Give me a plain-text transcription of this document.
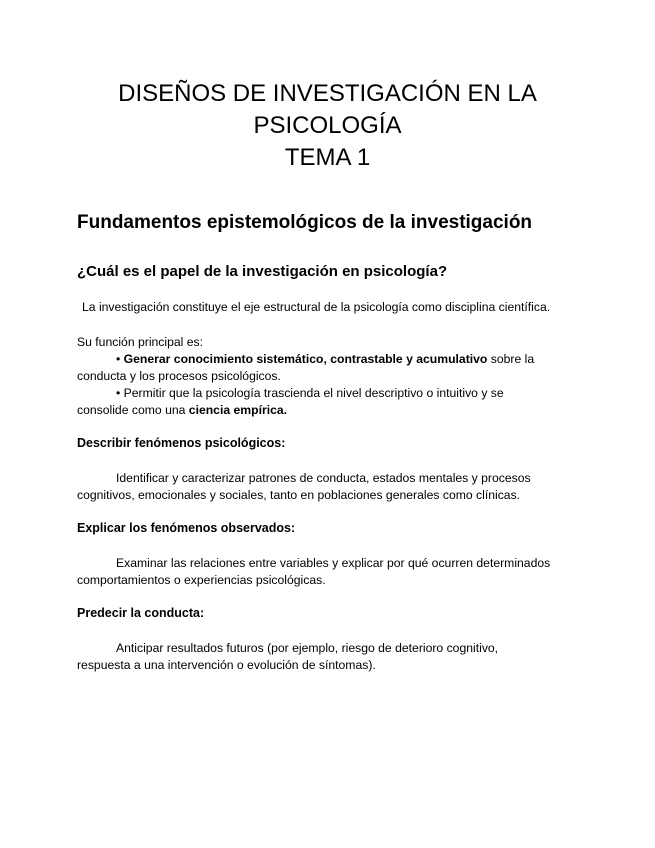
DISEÑOS DE INVESTIGACIÓN EN LA
PSICOLOGÍA
TEMA 1
Fundamentos epistemológicos de la investigación
¿Cuál es el papel de la investigación en psicología?

La investigación constituye el eje estructural de la psicología como disciplina científica.

Su función principal es:

• Generar conocimiento sistemático, contrastable y acumulativo sobre la conducta y los procesos psicológicos.

• Permitir que la psicología trascienda el nivel descriptivo o intuitivo y se consolide como una ciencia empírica.

Describir fenómenos psicológicos:

Identificar y caracterizar patrones de conducta, estados mentales y procesos cognitivos, emocionales y sociales, tanto en poblaciones generales como clínicas.

Explicar los fenómenos observados:

Examinar las relaciones entre variables y explicar por qué ocurren determinados comportamientos o experiencias psicológicas.

Predecir la conducta:

Anticipar resultados futuros (por ejemplo, riesgo de deterioro cognitivo, respuesta a una intervención o evolución de síntomas).
